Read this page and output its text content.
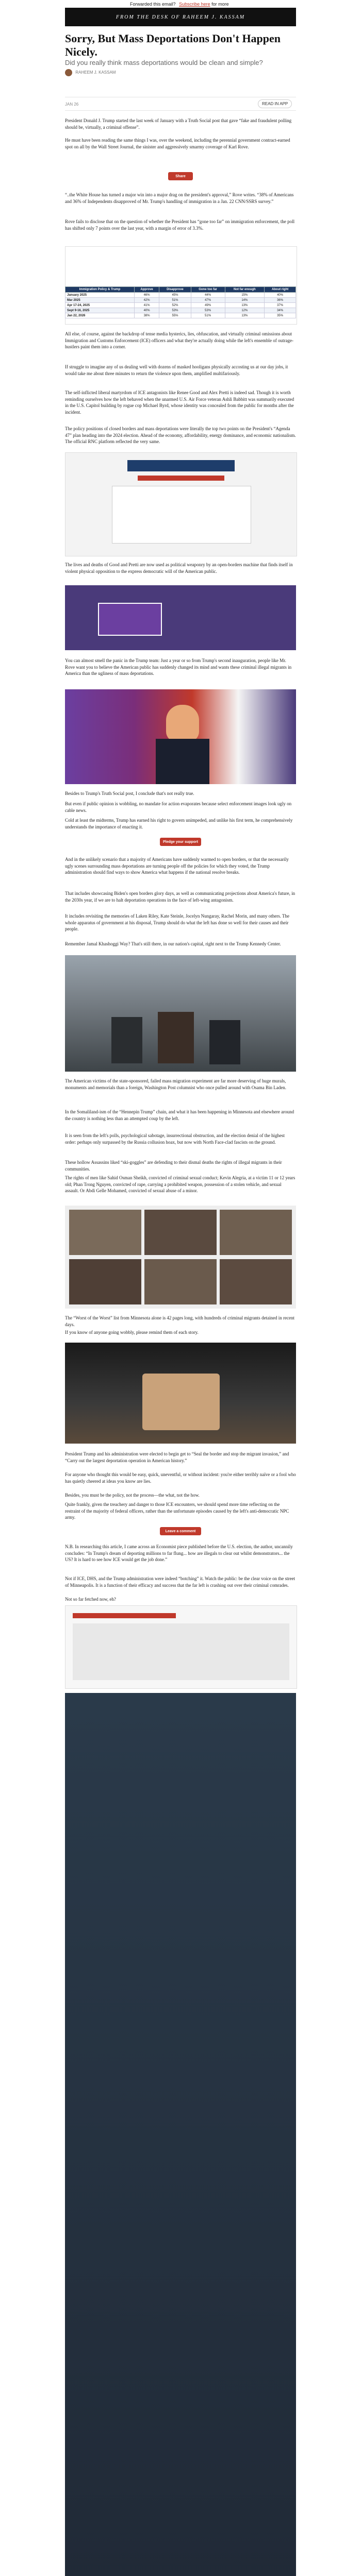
Forwarded this email? Subscribe here for more
FROM THE DESK OF RAHEEM J. KASSAM
Sorry, But Mass Deportations Don't Happen Nicely.
Did you really think mass deportations would be clean and simple?
RAHEEM J. KASSAM
JAN 26	READ IN APP

President Donald J. Trump started the last week of January with a Truth Social post that gave “fake and fraudulent polling should be, virtually, a criminal offense”.

He must have been reading the same things I was, over the weekend, including the perennial government contract-earned spot on all by the Wall Street Journal, the sinister and aggressively smarmy coverage of Karl Rove.

Share

“..the White House has turned a major win into a major drag on the president's approval,” Rove writes. “38% of Americans and 36% of Independents disapproved of Mr. Trump's handling of immigration in a Jan. 22 CNN/SSRS survey.”

Rove fails to disclose that on the question of whether the President has “gone too far” on immigration enforcement, the poll has shifted only 7 points over the last year, with a margin of error of 3.3%.

Immigration Policy & Trump	Approve	Disapprove	Gone too far	Not far enough	About right
January 2025	46%	45%	44%	15%	40%
Mar 2025	42%	51%	47%	14%	36%
Apr 17-24, 2025	41%	52%	49%	13%	37%
Sept 9-16, 2025	40%	53%	53%	12%	34%
Jan 22, 2026	38%	55%	51%	13%	35%

All else, of course, against the backdrop of tense media hysterics, lies, obfuscation, and virtually criminal omissions about Immigration and Customs Enforcement (ICE) officers and what they're actually doing while the left's ensemble of outrage-hustlers paint them into a corner.

If struggle to imagine any of us dealing well with dozens of masked hooligans physically accosting us at our day jobs, it would take me about three minutes to return the violence upon them, amplified multifariously.

The self-inflicted liberal martyrdom of ICE antagonists like Renee Good and Alex Pretti is indeed sad. Though it is worth reminding ourselves how the left behaved when the unarmed U.S. Air Force veteran Ashli Babbitt was summarily executed in the U.S. Capitol building by rogue cop Michael Byrd, whose identity was concealed from the public for months after the incident.

The policy positions of closed borders and mass deportations were literally the top two points on the President's “Agenda 47” plan heading into the 2024 election. Ahead of the economy, affordability, energy dominance, and economic nationalism. The official RNC platform reflected the very same.

The lives and deaths of Good and Pretti are now used as political weaponry by an open-borders machine that finds itself in violent physical opposition to the express democratic will of the American public.

You can almost smell the panic in the Trump team: Just a year or so from Trump's second inauguration, people like Mr. Rove want you to believe the American public has suddenly changed its mind and wants these criminal illegal migrants in America than the ugliness of mass deportations.

Besides to Trump's Truth Social post, I conclude that's not really true.

But even if public opinion is wobbling, no mandate for action evaporates because select enforcement images look ugly on cable news.

Cold at least the midterms, Trump has earned his right to govern unimpeded, and unlike his first term, he comprehensively understands the importance of enacting it.

Pledge your support

And in the unlikely scenario that a majority of Americans have suddenly warmed to open borders, or that the necessarily ugly scenes surrounding mass deportations are turning people off the policies for which they voted, the Trump administration should find ways to show America what happens if the national resolve breaks.

That includes showcasing Biden's open borders glory days, as well as communicating projections about America's future, in the 2030s year, if we are to halt deportation operations in the face of left-wing antagonism.

It includes revisiting the memories of Laken Riley, Kate Steinle, Jocelyn Nungaray, Rachel Morin, and many others. The whole apparatus of government at his disposal, Trump should do what the left has done so well for their causes and their people.

Remember Jamal Khashoggi Way? That's still there, in our nation's capital, right next to the Trump Kennedy Center.

The American victims of the state-sponsored, failed mass migration experiment are far more deserving of huge murals, monuments and memorials than a foreign, Washington Post columnist who once pulled around with Osama Bin Laden.

In the Somaliland-ism of the “Hennepin Trump” chain, and what it has been happening in Minnesota and elsewhere around the country is nothing less than an attempted coup by the left.

It is seen from the left's polls, psychological sabotage, insurrectional obstruction, and the election denial of the highest order: perhaps only surpassed by the Russia collusion hoax, but now with North Face-clad fascists on the ground.

These hollow Assassins liked “ski-goggles” are defending to their dismal deaths the rights of illegal migrants in their communities.

The rights of men like Sahid Osman Sheikh, convicted of criminal sexual conduct; Kevin Alegria, at a victim 11 or 12 years old; Phan Trong Nguyen, convicted of rape, carrying a prohibited weapon, possession of a stolen vehicle, and sexual assault. Or Abdi Gelle Mohamed, convicted of sexual abuse of a minor.

The “Worst of the Worst” list from Minnesota alone is 42 pages long, with hundreds of criminal migrants detained in recent days.

If you know of anyone going wobbly, please remind them of each story.

President Trump and his administration were elected to begin get to “Seal the border and stop the migrant invasion,” and “Carry out the largest deportation operation in American history.”

For anyone who thought this would be easy, quick, uneventful, or without incident: you're either terribly naïve or a fool who has quietly cheered at ideas you know are lies.

Besides, you must be the policy, not the process—the what, not the how.

Quite frankly, given the treachery and danger to those ICE encounters, we should spend more time reflecting on the restraint of the majority of federal officers, rather than the unfortunate episodes caused by the left's anti-democratic NPC army.

Leave a comment

N.B. In researching this article, I came across an Economist piece published before the U.S. election, the author, uncannily concludes: “In Trump's dream of deporting millions to far flung... how are illegals to clear out whilst demonstrators... the US? It is hard to see how ICE would get the job done.”

Not if ICE, DHS, and the Trump administration were indeed “botching” it. Watch the public: be the clear voice on the street of Minneapolis. It is a function of their efficacy and success that the far left is crashing out over their criminal comrades.

Not so far fetched now, eh?
